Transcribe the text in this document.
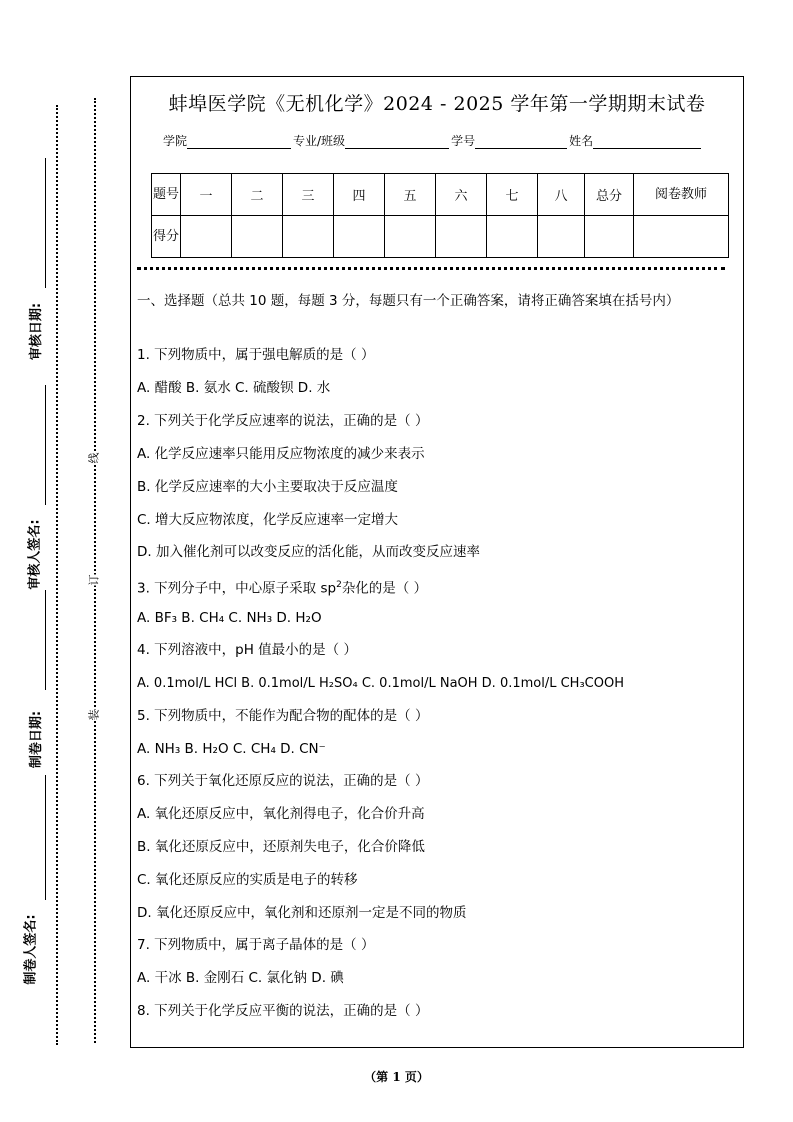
审核日期:
审核人签名:
制卷日期:
制卷人签名:
线
订
装
蚌埠医学院《无机化学》2024 - 2025 学年第一学期期末试卷
学院	专业/班级	学号	姓名
题号	一	二	三	四	五	六	七	八	总分	阅卷教师
得分										
一、选择题（总共 10 题，每题 3 分，每题只有一个正确答案，请将正确答案填在括号内）
1. 下列物质中，属于强电解质的是（ ）
A. 醋酸 B. 氨水 C. 硫酸钡 D. 水
2. 下列关于化学反应速率的说法，正确的是（ ）
A. 化学反应速率只能用反应物浓度的减少来表示
B. 化学反应速率的大小主要取决于反应温度
C. 增大反应物浓度，化学反应速率一定增大
D. 加入催化剂可以改变反应的活化能，从而改变反应速率
3. 下列分子中，中心原子采取 $sp^2$杂化的是（ ）
A. BF₃ B. CH₄ C. NH₃ D. H₂O
4. 下列溶液中，pH 值最小的是（ ）
A. 0.1mol/L HCl B. 0.1mol/L H₂SO₄ C. 0.1mol/L NaOH D. 0.1mol/L CH₃COOH
5. 下列物质中，不能作为配合物的配体的是（ ）
A. NH₃ B. H₂O C. CH₄ D. CN⁻
6. 下列关于氧化还原反应的说法，正确的是（ ）
A. 氧化还原反应中，氧化剂得电子，化合价升高
B. 氧化还原反应中，还原剂失电子，化合价降低
C. 氧化还原反应的实质是电子的转移
D. 氧化还原反应中，氧化剂和还原剂一定是不同的物质
7. 下列物质中，属于离子晶体的是（ ）
A. 干冰 B. 金刚石 C. 氯化钠 D. 碘
8. 下列关于化学反应平衡的说法，正确的是（ ）
（第 1 页）
